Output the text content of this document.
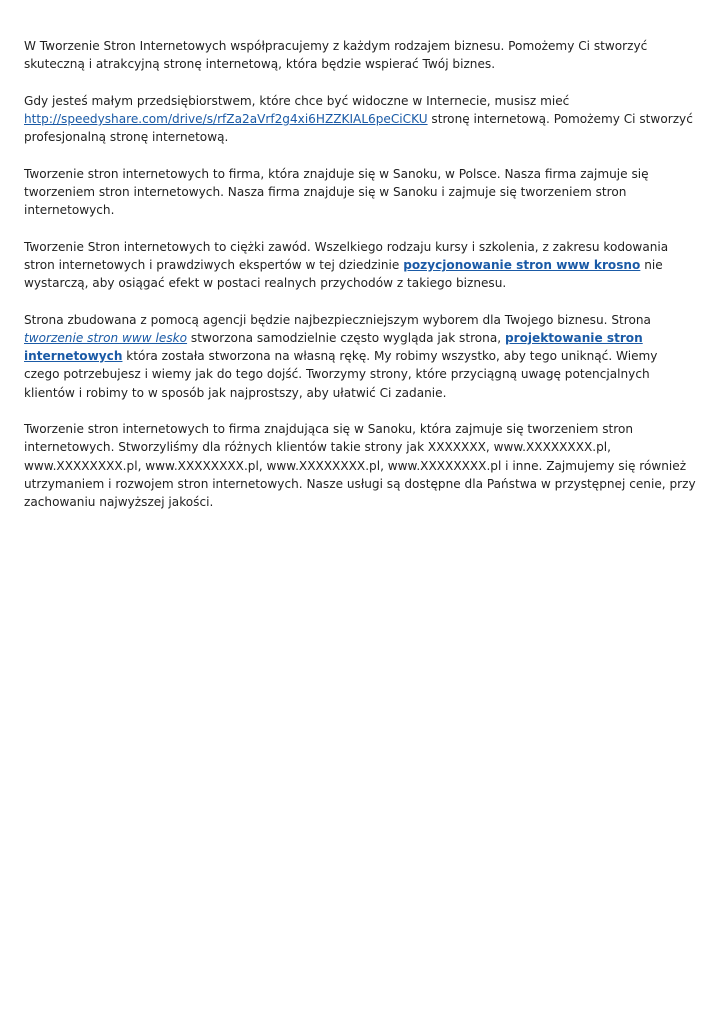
W Tworzenie Stron Internetowych współpracujemy z każdym rodzajem biznesu. Pomożemy Ci stworzyć skuteczną i atrakcyjną stronę internetową, która będzie wspierać Twój biznes.

Gdy jesteś małym przedsiębiorstwem, które chce być widoczne w Internecie, musisz mieć http://speedyshare.com/drive/s/rfZa2aVrf2g4xi6HZZKIAL6peCiCKU stronę internetową. Pomożemy Ci stworzyć profesjonalną stronę internetową.

Tworzenie stron internetowych to firma, która znajduje się w Sanoku, w Polsce. Nasza firma zajmuje się tworzeniem stron internetowych. Nasza firma znajduje się w Sanoku i zajmuje się tworzeniem stron internetowych.

Tworzenie Stron internetowych to ciężki zawód. Wszelkiego rodzaju kursy i szkolenia, z zakresu kodowania stron internetowych i prawdziwych ekspertów w tej dziedzinie pozycjonowanie stron www krosno nie wystarczą, aby osiągać efekt w postaci realnych przychodów z takiego biznesu.

Strona zbudowana z pomocą agencji będzie najbezpieczniejszym wyborem dla Twojego biznesu. Strona tworzenie stron www lesko stworzona samodzielnie często wygląda jak strona, projektowanie stron internetowych która została stworzona na własną rękę. My robimy wszystko, aby tego uniknąć. Wiemy czego potrzebujesz i wiemy jak do tego dojść. Tworzymy strony, które przyciągną uwagę potencjalnych klientów i robimy to w sposób jak najprostszy, aby ułatwić Ci zadanie.

Tworzenie stron internetowych to firma znajdująca się w Sanoku, która zajmuje się tworzeniem stron internetowych. Stworzyliśmy dla różnych klientów takie strony jak XXXXXXX, www.XXXXXXXX.pl, www.XXXXXXXX.pl, www.XXXXXXXX.pl, www.XXXXXXXX.pl, www.XXXXXXXX.pl i inne. Zajmujemy się również utrzymaniem i rozwojem stron internetowych. Nasze usługi są dostępne dla Państwa w przystępnej cenie, przy zachowaniu najwyższej jakości.
